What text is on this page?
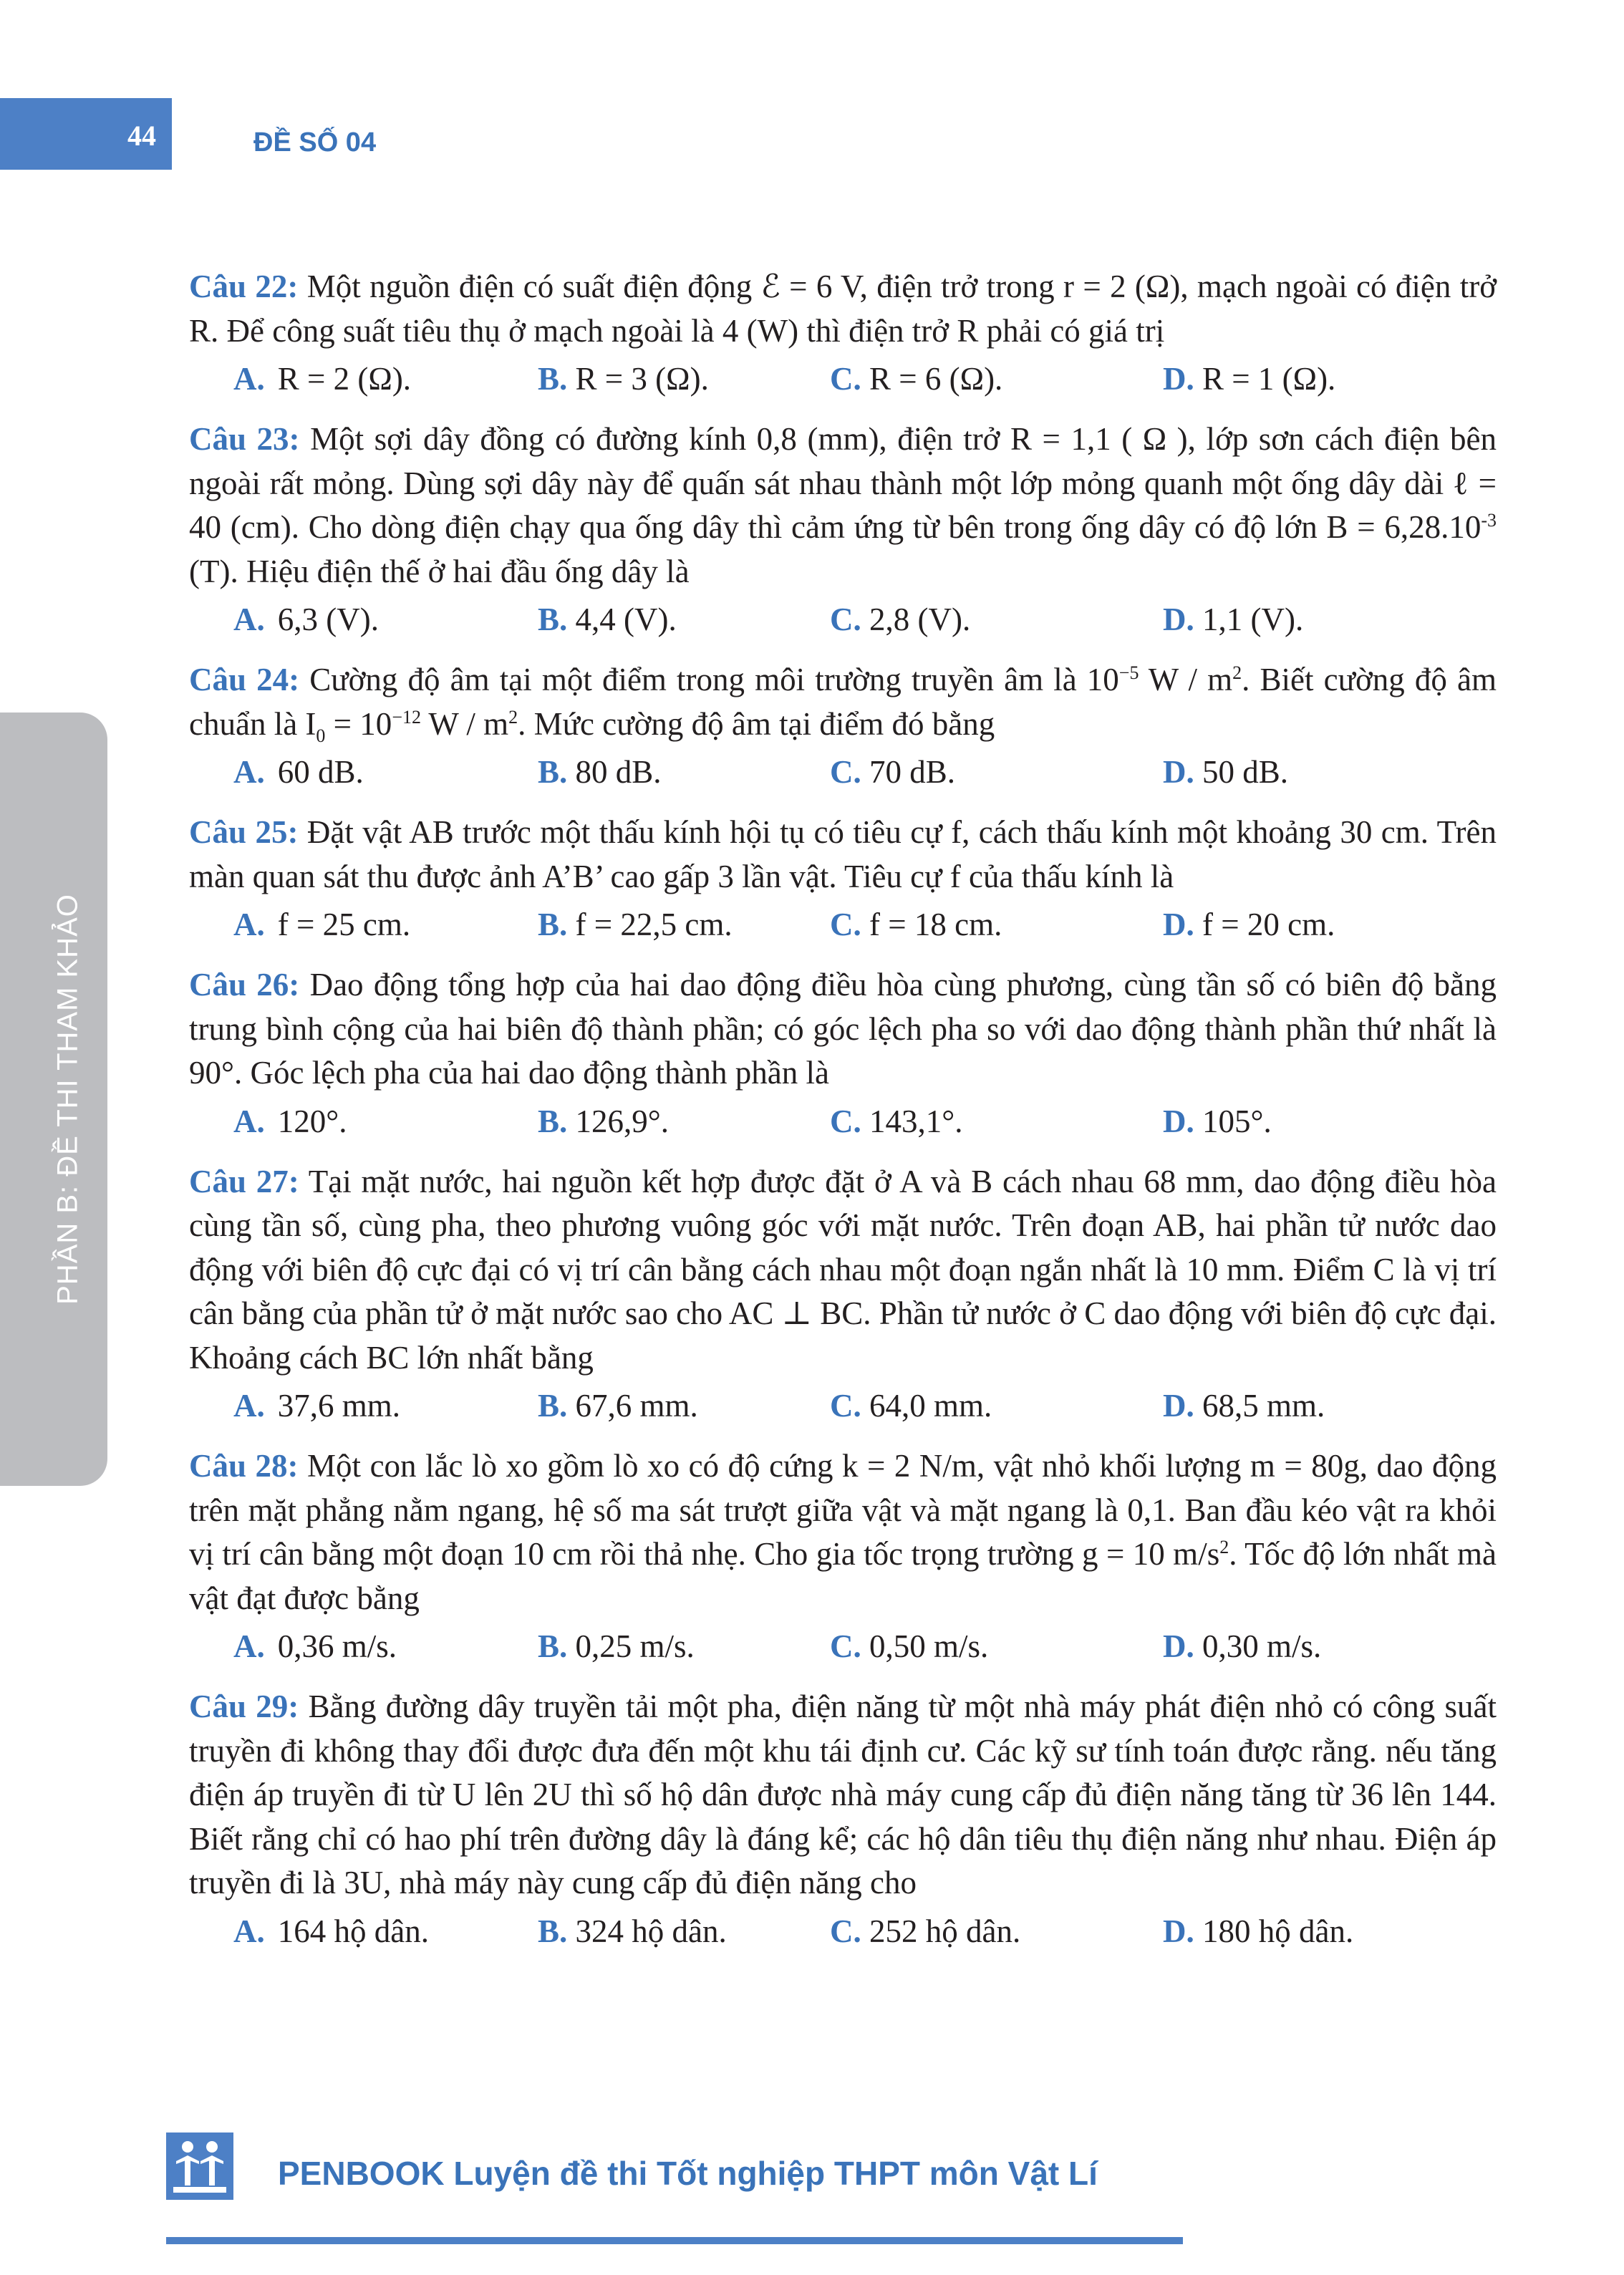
44	ĐỀ SỐ 04
PHẦN B: ĐỀ THI THAM KHẢO
Câu 22: Một nguồn điện có suất điện động ℰ = 6 V, điện trở trong r = 2 (Ω), mạch ngoài có điện trở R. Để công suất tiêu thụ ở mạch ngoài là 4 (W) thì điện trở R phải có giá trị
A. R = 2 (Ω).	B. R = 3 (Ω).	C. R = 6 (Ω).	D. R = 1 (Ω).
Câu 23: Một sợi dây đồng có đường kính 0,8 (mm), điện trở R = 1,1 ( Ω ), lớp sơn cách điện bên ngoài rất mỏng. Dùng sợi dây này để quấn sát nhau thành một lớp mỏng quanh một ống dây dài ℓ = 40 (cm). Cho dòng điện chạy qua ống dây thì cảm ứng từ bên trong ống dây có độ lớn $B = 6,28.10^{-3}$ (T). Hiệu điện thế ở hai đầu ống dây là
A. 6,3 (V).	B. 4,4 (V).	C. 2,8 (V).	D. 1,1 (V).
Câu 24: Cường độ âm tại một điểm trong môi trường truyền âm là $10^{-5}$ W / $m^2$. Biết cường độ âm chuẩn là $I_0 = 10^{-12}$ W / $m^2$. Mức cường độ âm tại điểm đó bằng
A. 60 dB.	B. 80 dB.	C. 70 dB.	D. 50 dB.
Câu 25: Đặt vật AB trước một thấu kính hội tụ có tiêu cự f, cách thấu kính một khoảng 30 cm. Trên màn quan sát thu được ảnh A’B’ cao gấp 3 lần vật. Tiêu cự f của thấu kính là
A. f = 25 cm.	B. f = 22,5 cm.	C. f = 18 cm.	D. f = 20 cm.
Câu 26: Dao động tổng hợp của hai dao động điều hòa cùng phương, cùng tần số có biên độ bằng trung bình cộng của hai biên độ thành phần; có góc lệch pha so với dao động thành phần thứ nhất là 90°. Góc lệch pha của hai dao động thành phần là
A. 120°.	B. 126,9°.	C. 143,1°.	D. 105°.
Câu 27: Tại mặt nước, hai nguồn kết hợp được đặt ở A và B cách nhau 68 mm, dao động điều hòa cùng tần số, cùng pha, theo phương vuông góc với mặt nước. Trên đoạn AB, hai phần tử nước dao động với biên độ cực đại có vị trí cân bằng cách nhau một đoạn ngắn nhất là 10 mm. Điểm C là vị trí cân bằng của phần tử ở mặt nước sao cho AC ⊥ BC. Phần tử nước ở C dao động với biên độ cực đại. Khoảng cách BC lớn nhất bằng
A. 37,6 mm.	B. 67,6 mm.	C. 64,0 mm.	D. 68,5 mm.
Câu 28: Một con lắc lò xo gồm lò xo có độ cứng k = 2 N/m, vật nhỏ khối lượng m = 80g, dao động trên mặt phẳng nằm ngang, hệ số ma sát trượt giữa vật và mặt ngang là 0,1. Ban đầu kéo vật ra khỏi vị trí cân bằng một đoạn 10 cm rồi thả nhẹ. Cho gia tốc trọng trường g = 10 $m/s^2$. Tốc độ lớn nhất mà vật đạt được bằng
A. 0,36 m/s.	B. 0,25 m/s.	C. 0,50 m/s.	D. 0,30 m/s.
Câu 29: Bằng đường dây truyền tải một pha, điện năng từ một nhà máy phát điện nhỏ có công suất truyền đi không thay đổi được đưa đến một khu tái định cư. Các kỹ sư tính toán được rằng. nếu tăng điện áp truyền đi từ U lên 2U thì số hộ dân được nhà máy cung cấp đủ điện năng tăng từ 36 lên 144. Biết rằng chỉ có hao phí trên đường dây là đáng kể; các hộ dân tiêu thụ điện năng như nhau. Điện áp truyền đi là 3U, nhà máy này cung cấp đủ điện năng cho
A. 164 hộ dân.	B. 324 hộ dân.	C. 252 hộ dân.	D. 180 hộ dân.
PENBOOK Luyện đề thi Tốt nghiệp THPT môn Vật Lí
